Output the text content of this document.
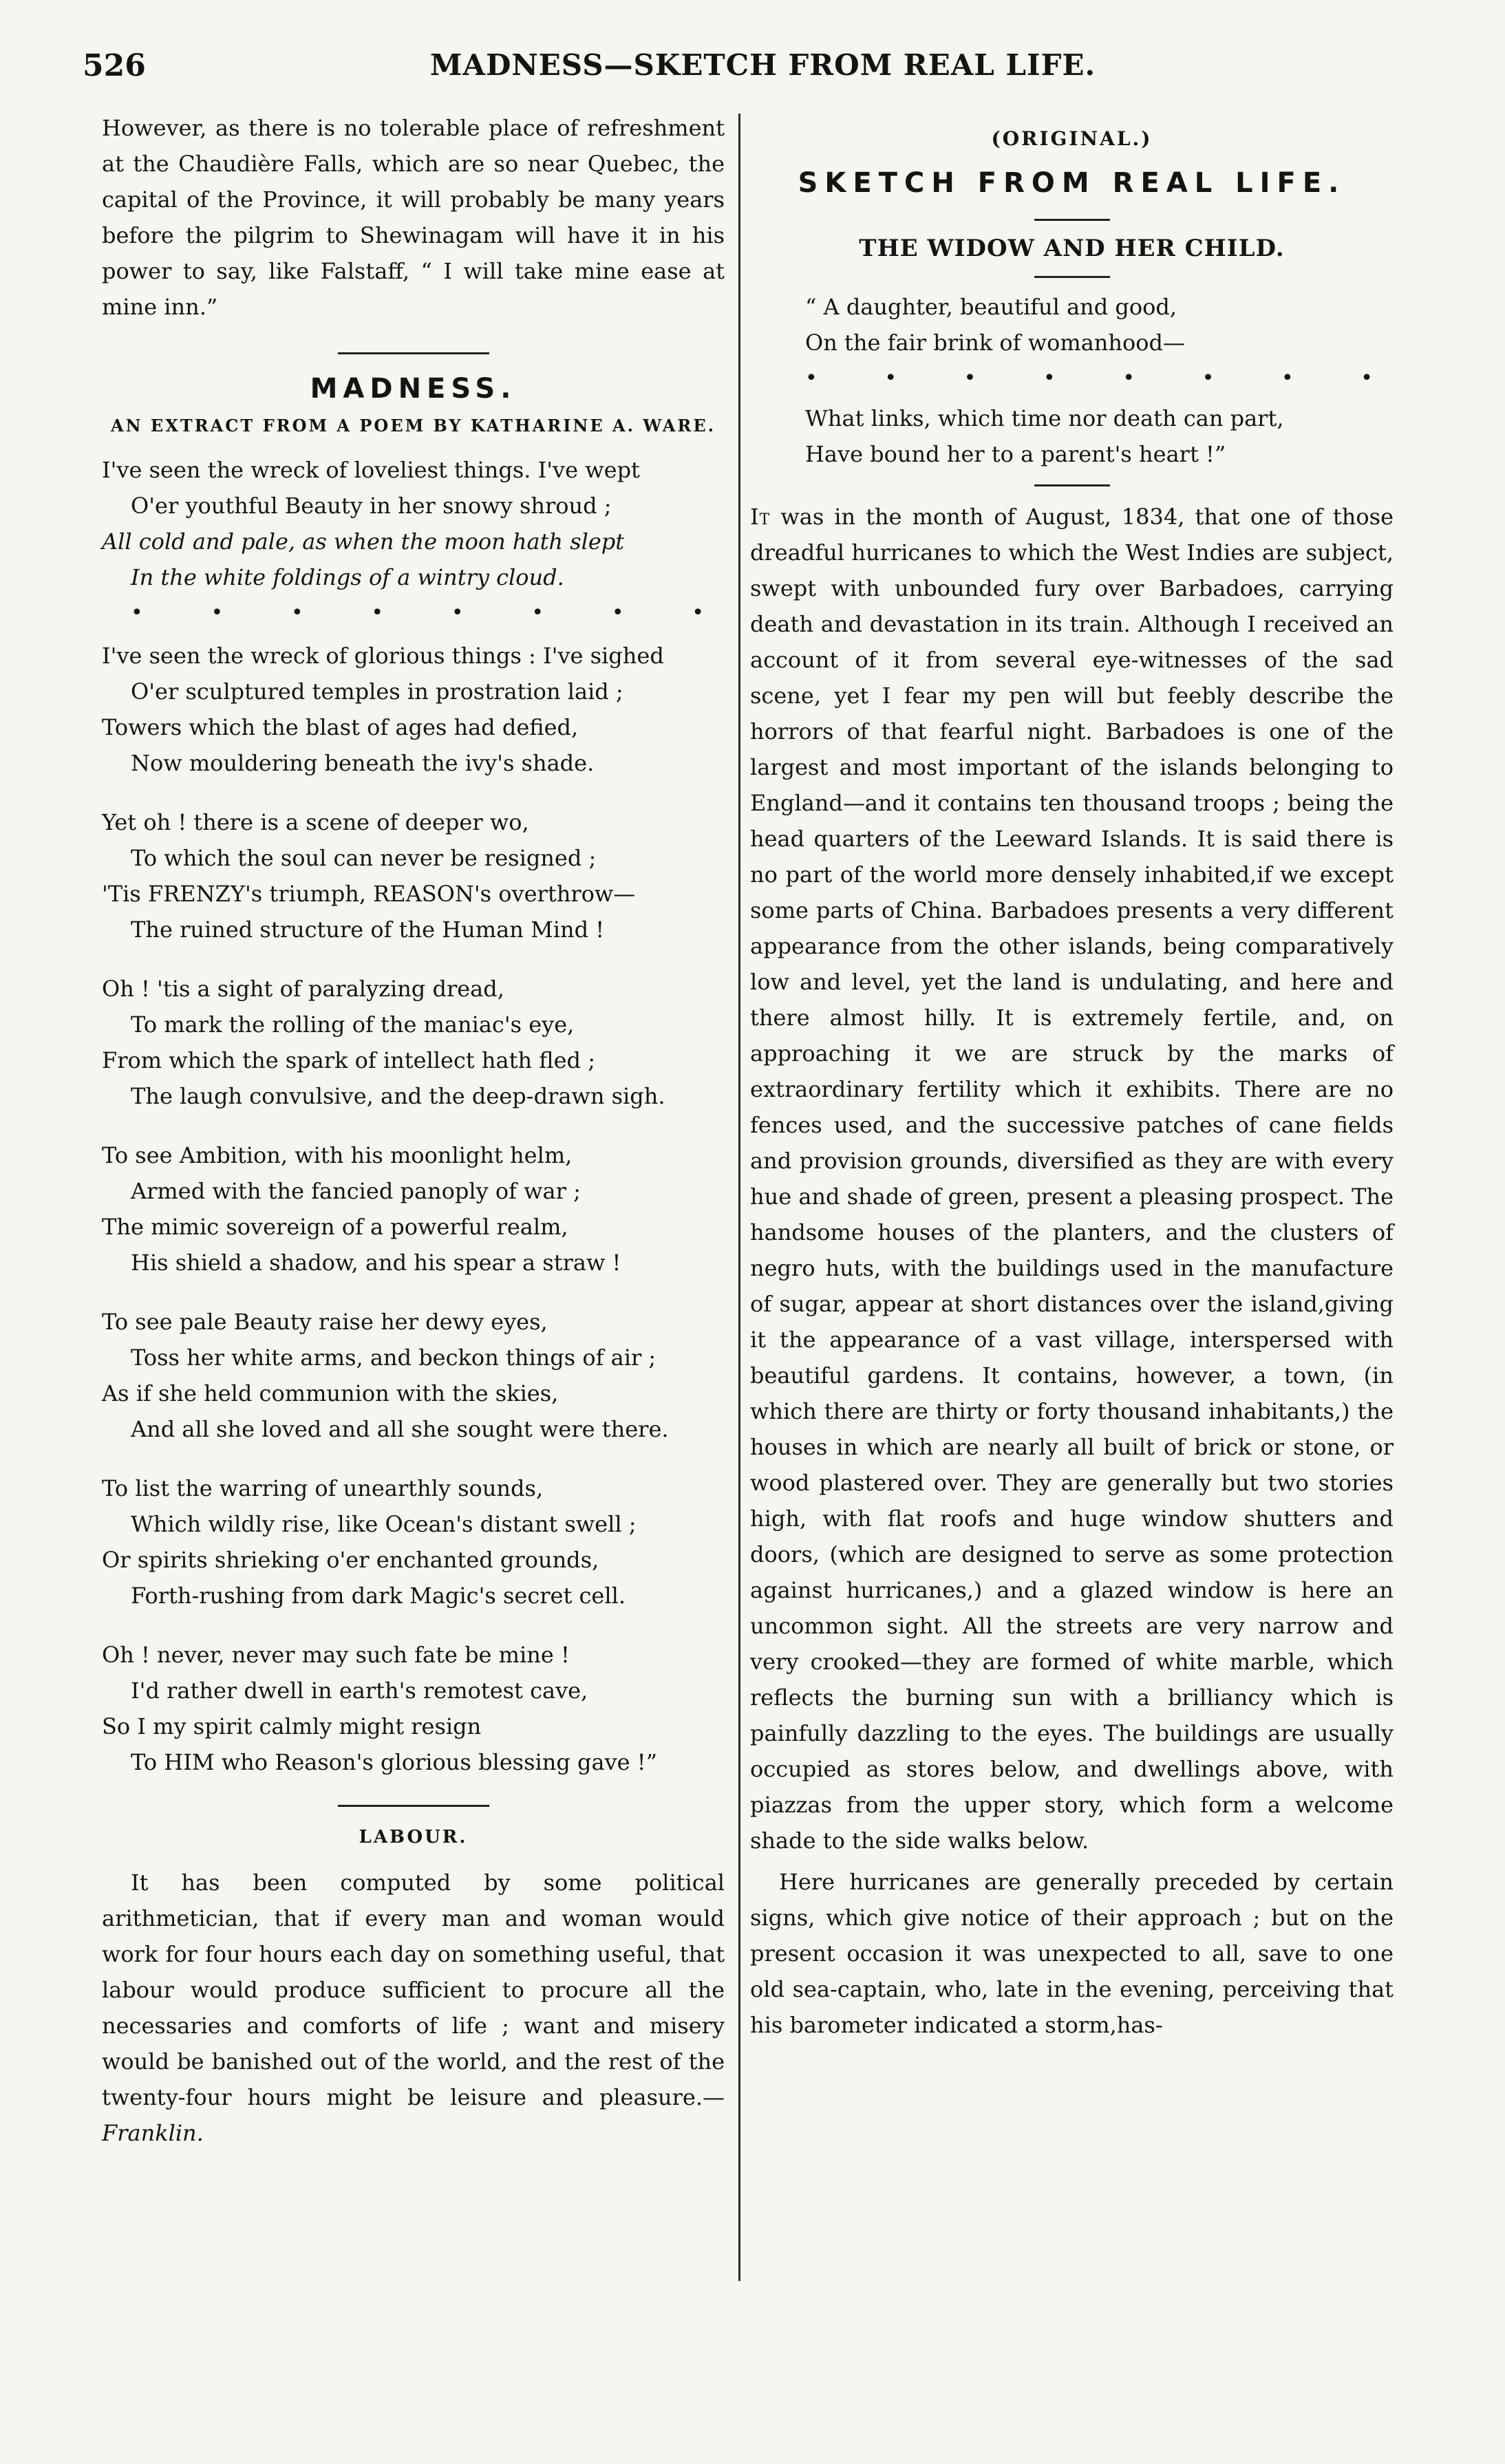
526	MADNESS—SKETCH FROM REAL LIFE.

However, as there is no tolerable place of refreshment at the Chaudière Falls, which are so near Quebec, the capital of the Province, it will probably be many years before the pilgrim to Shewinagam will have it in his power to say, like Falstaff, “ I will take mine ease at mine inn.”

MADNESS.
AN EXTRACT FROM A POEM BY KATHARINE A. WARE.
I've seen the wreck of loveliest things. I've wept
O'er youthful Beauty in her snowy shroud ;
All cold and pale, as when the moon hath slept
In the white foldings of a wintry cloud.
•	•	•	•	•	•	•	•
I've seen the wreck of glorious things : I've sighed
O'er sculptured temples in prostration laid ;
Towers which the blast of ages had defied,
Now mouldering beneath the ivy's shade.
Yet oh ! there is a scene of deeper wo,
To which the soul can never be resigned ;
'Tis FRENZY's triumph, REASON's overthrow—
The ruined structure of the Human Mind !
Oh ! 'tis a sight of paralyzing dread,
To mark the rolling of the maniac's eye,
From which the spark of intellect hath fled ;
The laugh convulsive, and the deep-drawn sigh.
To see Ambition, with his moonlight helm,
Armed with the fancied panoply of war ;
The mimic sovereign of a powerful realm,
His shield a shadow, and his spear a straw !
To see pale Beauty raise her dewy eyes,
Toss her white arms, and beckon things of air ;
As if she held communion with the skies,
And all she loved and all she sought were there.
To list the warring of unearthly sounds,
Which wildly rise, like Ocean's distant swell ;
Or spirits shrieking o'er enchanted grounds,
Forth-rushing from dark Magic's secret cell.
Oh ! never, never may such fate be mine !
I'd rather dwell in earth's remotest cave,
So I my spirit calmly might resign
To HIM who Reason's glorious blessing gave !”
LABOUR.

It has been computed by some political arithmetician, that if every man and woman would work for four hours each day on something useful, that labour would produce sufficient to procure all the necessaries and comforts of life ; want and misery would be banished out of the world, and the rest of the twenty-four hours might be leisure and pleasure.—Franklin.

(ORIGINAL.)
SKETCH FROM REAL LIFE.
THE WIDOW AND HER CHILD.
“ A daughter, beautiful and good,
On the fair brink of womanhood—
•	•	•	•	•	•	•	•
What links, which time nor death can part,
Have bound her to a parent's heart !”

It was in the month of August, 1834, that one of those dreadful hurricanes to which the West Indies are subject, swept with unbounded fury over Barbadoes, carrying death and devastation in its train. Although I received an account of it from several eye-witnesses of the sad scene, yet I fear my pen will but feebly describe the horrors of that fearful night. Barbadoes is one of the largest and most important of the islands belonging to England—and it contains ten thousand troops ; being the head quarters of the Leeward Islands. It is said there is no part of the world more densely inhabited,if we except some parts of China. Barbadoes presents a very different appearance from the other islands, being comparatively low and level, yet the land is undulating, and here and there almost hilly. It is extremely fertile, and, on approaching it we are struck by the marks of extraordinary fertility which it exhibits. There are no fences used, and the successive patches of cane fields and provision grounds, diversified as they are with every hue and shade of green, present a pleasing prospect. The handsome houses of the planters, and the clusters of negro huts, with the buildings used in the manufacture of sugar, appear at short distances over the island,giving it the appearance of a vast village, interspersed with beautiful gardens. It contains, however, a town, (in which there are thirty or forty thousand inhabitants,) the houses in which are nearly all built of brick or stone, or wood plastered over. They are generally but two stories high, with flat roofs and huge window shutters and doors, (which are designed to serve as some protection against hurricanes,) and a glazed window is here an uncommon sight. All the streets are very narrow and very crooked—they are formed of white marble, which reflects the burning sun with a brilliancy which is painfully dazzling to the eyes. The buildings are usually occupied as stores below, and dwellings above, with piazzas from the upper story, which form a welcome shade to the side walks below.

Here hurricanes are generally preceded by certain signs, which give notice of their approach ; but on the present occasion it was unexpected to all, save to one old sea-captain, who, late in the evening, perceiving that his barometer indicated a storm,has-
